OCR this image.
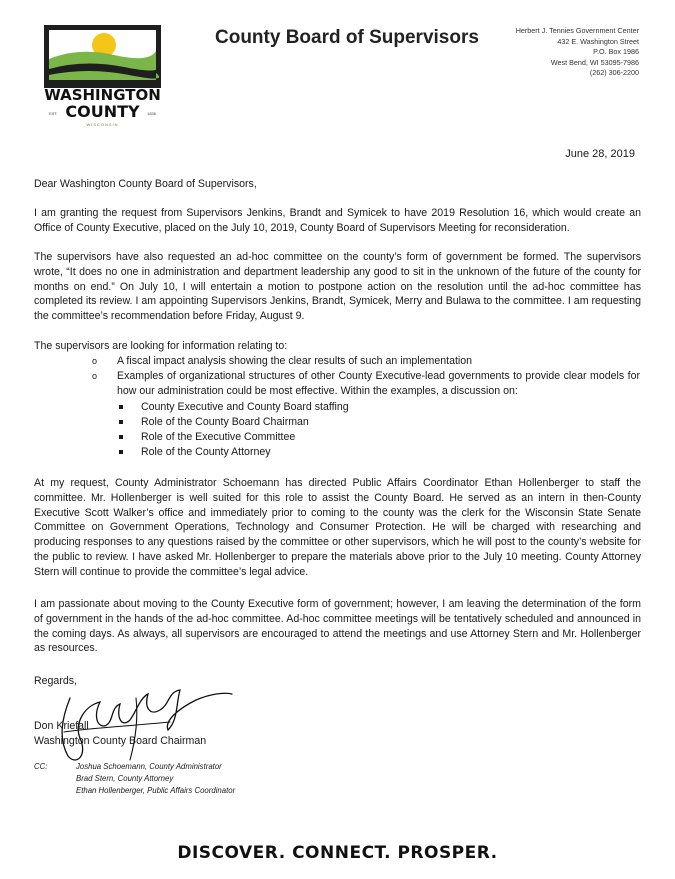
WASHINGTON
COUNTY
EST.	1836
WISCONSIN
County Board of Supervisors	Herbert J. Tennies Government Center
432 E. Washington Street
P.O. Box 1986
West Bend, WI 53095-7986
(262) 306-2200
June 28, 2019
Dear Washington County Board of Supervisors,
I am granting the request from Supervisors Jenkins, Brandt and Symicek to have 2019 Resolution 16, which would create an Office of County Executive, placed on the July 10, 2019, County Board of Supervisors Meeting for reconsideration.
The supervisors have also requested an ad-hoc committee on the county’s form of government be formed. The supervisors wrote, “It does no one in administration and department leadership any good to sit in the unknown of the future of the county for months on end.” On July 10, I will entertain a motion to postpone action on the resolution until the ad-hoc committee has completed its review. I am appointing Supervisors Jenkins, Brandt, Symicek, Merry and Bulawa to the committee. I am requesting the committee’s recommendation before Friday, August 9.
The supervisors are looking for information relating to:
o A fiscal impact analysis showing the clear results of such an implementation
o Examples of organizational structures of other County Executive-lead governments to provide clear models for how our administration could be most effective. Within the examples, a discussion on:
County Executive and County Board staffing
Role of the County Board Chairman
Role of the Executive Committee
Role of the County Attorney
At my request, County Administrator Schoemann has directed Public Affairs Coordinator Ethan Hollenberger to staff the committee. Mr. Hollenberger is well suited for this role to assist the County Board. He served as an intern in then-County Executive Scott Walker’s office and immediately prior to coming to the county was the clerk for the Wisconsin State Senate Committee on Government Operations, Technology and Consumer Protection. He will be charged with researching and producing responses to any questions raised by the committee or other supervisors, which he will post to the county’s website for the public to review. I have asked Mr. Hollenberger to prepare the materials above prior to the July 10 meeting. County Attorney Stern will continue to provide the committee’s legal advice.
I am passionate about moving to the County Executive form of government; however, I am leaving the determination of the form of government in the hands of the ad-hoc committee. Ad-hoc committee meetings will be tentatively scheduled and announced in the coming days. As always, all supervisors are encouraged to attend the meetings and use Attorney Stern and Mr. Hollenberger as resources.
Regards,
Don Kriefall
Washington County Board Chairman
CC:	Joshua Schoemann, County Administrator
Brad Stern, County Attorney
Ethan Hollenberger, Public Affairs Coordinator
DISCOVER. CONNECT. PROSPER.
